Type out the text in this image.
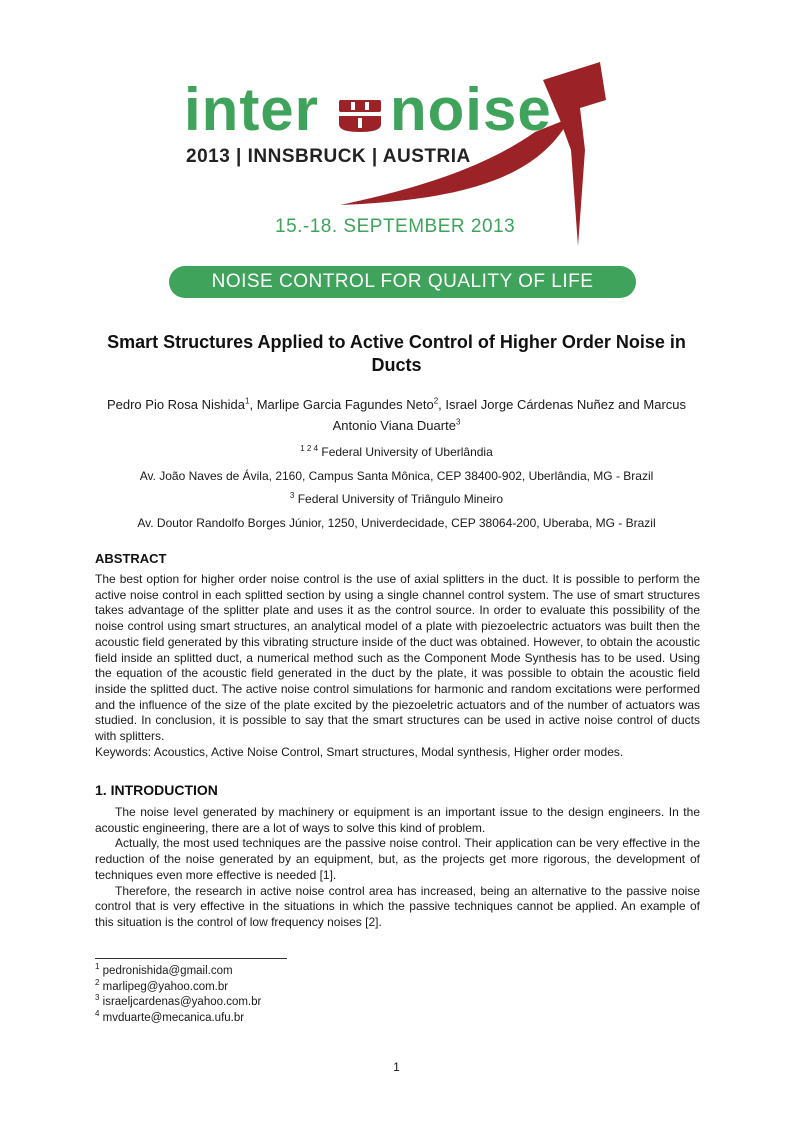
inter noise
2013 | INNSBRUCK | AUSTRIA
15.-18. SEPTEMBER 2013
NOISE CONTROL FOR QUALITY OF LIFE
Smart Structures Applied to Active Control of Higher Order Noise in
Ducts
Pedro Pio Rosa Nishida$^1$, Marlipe Garcia Fagundes Neto$^2$, Israel Jorge Cárdenas Nuñez and Marcus Antonio Viana Duarte$^3$
$^{1 2 4}$ Federal University of Uberlândia
Av. João Naves de Ávila, 2160, Campus Santa Mônica, CEP 38400-902, Uberlândia, MG - Brazil
$^3$ Federal University of Triângulo Mineiro
Av. Doutor Randolfo Borges Júnior, 1250, Univerdecidade, CEP 38064-200, Uberaba, MG - Brazil
ABSTRACT

The best option for higher order noise control is the use of axial splitters in the duct. It is possible to perform the active noise control in each splitted section by using a single channel control system. The use of smart structures takes advantage of the splitter plate and uses it as the control source. In order to evaluate this possibility of the noise control using smart structures, an analytical model of a plate with piezoelectric actuators was built then the acoustic field generated by this vibrating structure inside of the duct was obtained. However, to obtain the acoustic field inside an splitted duct, a numerical method such as the Component Mode Synthesis has to be used. Using the equation of the acoustic field generated in the duct by the plate, it was possible to obtain the acoustic field inside the splitted duct. The active noise control simulations for harmonic and random excitations were performed and the influence of the size of the plate excited by the piezoeletric actuators and of the number of actuators was studied. In conclusion, it is possible to say that the smart structures can be used in active noise control of ducts with splitters.

Keywords: Acoustics, Active Noise Control, Smart structures, Modal synthesis, Higher order modes.

1. INTRODUCTION

The noise level generated by machinery or equipment is an important issue to the design engineers. In the acoustic engineering, there are a lot of ways to solve this kind of problem.

Actually, the most used techniques are the passive noise control. Their application can be very effective in the reduction of the noise generated by an equipment, but, as the projects get more rigorous, the development of techniques even more effective is needed [1].

Therefore, the research in active noise control area has increased, being an alternative to the passive noise control that is very effective in the situations in which the passive techniques cannot be applied. An example of this situation is the control of low frequency noises [2].

$^1$ pedronishida@gmail.com
$^2$ marlipeg@yahoo.com.br
$^3$ israeljcardenas@yahoo.com.br
$^4$ mvduarte@mecanica.ufu.br
1
